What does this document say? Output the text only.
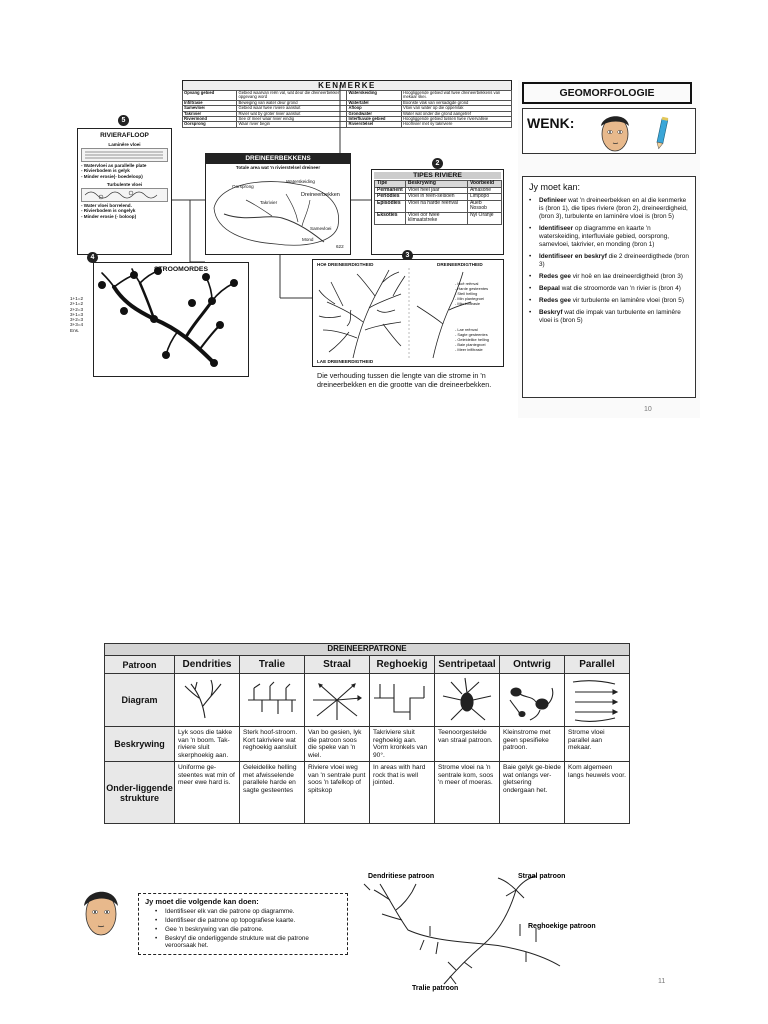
KENMERKE
Opvang gebied	Gebied waarvan reën val, wat deur die dreineerbekken opgevang word	Waterskeiding	Hoogliggende gebied wat twee dreineerbekkens van mekaar skei.
Infiltrasie	Beweging van water deur grond	Watertafel	Boonste vlak van versadigde grond
Samevloei	Gebied waar twee riviere aansluit	Afloop	Vloei van water op die oppervlak
Takrivier	Rivier wat by groter rivier aansluit	Grondwater	Water wat onder die grond aangetref
Riviermond	See of meer waar rivier eindig	Interfluvale gebied	Hoogliggende gebied tussen twee riviervalleie
Oorsprong	Waar rivier begin	Rivierstelsel	Hoofrivier met sy takriviere
5
RIVIERAFLOOP
Laminêre vloei
- Watervloei as parallelle plate
- Rivierbodem is gelyk
- Minder erosie(- boedeloop)
Turbulente vloei
- Water vloei borrelend.
- Rivierbodem is ongelyk
- Minder erosie (- boloop)
DREINEERBEKKENS
Totale area wat 'n rivierstelsel dreineer
Oorsprong
Waterskeiding
Takrivier
Dreineerbekken
Samevloei
Mond
622
2
TIPES RIVIERE
Tipe	Beskrywing	Voorbeeld
Permanent	Vloei heel jaar	Amasone
Periodies	Vloei in reën-seisoen	Limpopo
Episodies	Vloei na harde reënval	Aueb Nossob
Eksoties	Vloei oor twee klimaatstreke	Nyl Oranje
4
STROOMORDES
1+1=2
2+1=2
2+2=3
3+1=3
3+2=3
3+3=4
Ens.
3
HOë DREINEERDIGTHEID	DREINEERDIGTHEID
- Hoë reënval
- Harde gesteentes
- Steil helling
- Min plantegroei
- Min infiltrasie
- Lae reënval
- Sagte gesteentes
- Geleidelike helling
- Baie plantegroei
- Meer infiltrasie
LAE DREINEERDIGTHEID
Die verhouding tussen die lengte van die strome in 'n dreineerbekken en die grootte van die dreineerbekken.
GEOMORFOLOGIE
WENK:
Jy moet kan:
• Definieer wat 'n dreineerbekken en al die kenmerke is (bron 1), die tipes riviere (bron 2), dreineerdigheid, (bron 3), turbulente en laminêre vloei is (bron 5)
• Identifiseer op diagramme en kaarte 'n waterskeiding, interfluviale gebied, oorsprong, samevloei, takrivier, en monding (bron 1)
• Identifiseer en beskryf die 2 dreineerdigthede (bron 3)
• Redes gee vir hoë en lae dreineerdigtheid (bron 3)
• Bepaal wat die stroomorde van 'n rivier is (bron 4)
• Redes gee vir turbulente en laminêre vloei (bron 5)
• Beskryf wat die impak van turbulente en laminêre vloei is (bron 5)
10
DREINEERPATRONE							
Patroon	Dendrities	Tralie	Straal	Reghoekig	Sentripetaal	Ontwrig	Parallel
Diagram	

Beskrywing	Lyk soos die takke van 'n boom. Tak-riviere sluit skerphoekig aan.	Sterk hoof-stroom. Kort takriviere wat reghoekig aansluit	Van bo gesien, lyk die patroon soos die speke van 'n wiel.	Takriviere sluit reghoekig aan. Vorm kronkels van 90°.	Teenoorgestelde van straal patroon.	Kleinstrome met geen spesifieke patroon.	Strome vloei parallel aan mekaar.
Onder-liggende strukture	Uniforme ge-steentes wat min of meer ewe hard is.	Geleidelike helling met afwisselende parallele harde en sagte gesteentes	Riviere vloei weg van 'n sentrale punt soos 'n tafelkop of spitskop	In areas with hard rock that is well jointed.	Strome vloei na 'n sentrale kom, soos 'n meer of moeras.	Baie gelyk ge-biede wat onlangs ver-gletsering ondergaan het.	Kom algemeen langs heuwels voor.
Jy moet die volgende kan doen:
• Identifiseer elk van die patrone op diagramme.
• Identifiseer die patrone op topografiese kaarte.
• Gee 'n beskrywing van die patrone.
• Beskryf die onderliggende strukture wat die patrone veroorsaak het.
Dendritiese patroon	Straal patroon
Reghoekige patroon
Tralie patroon
11
